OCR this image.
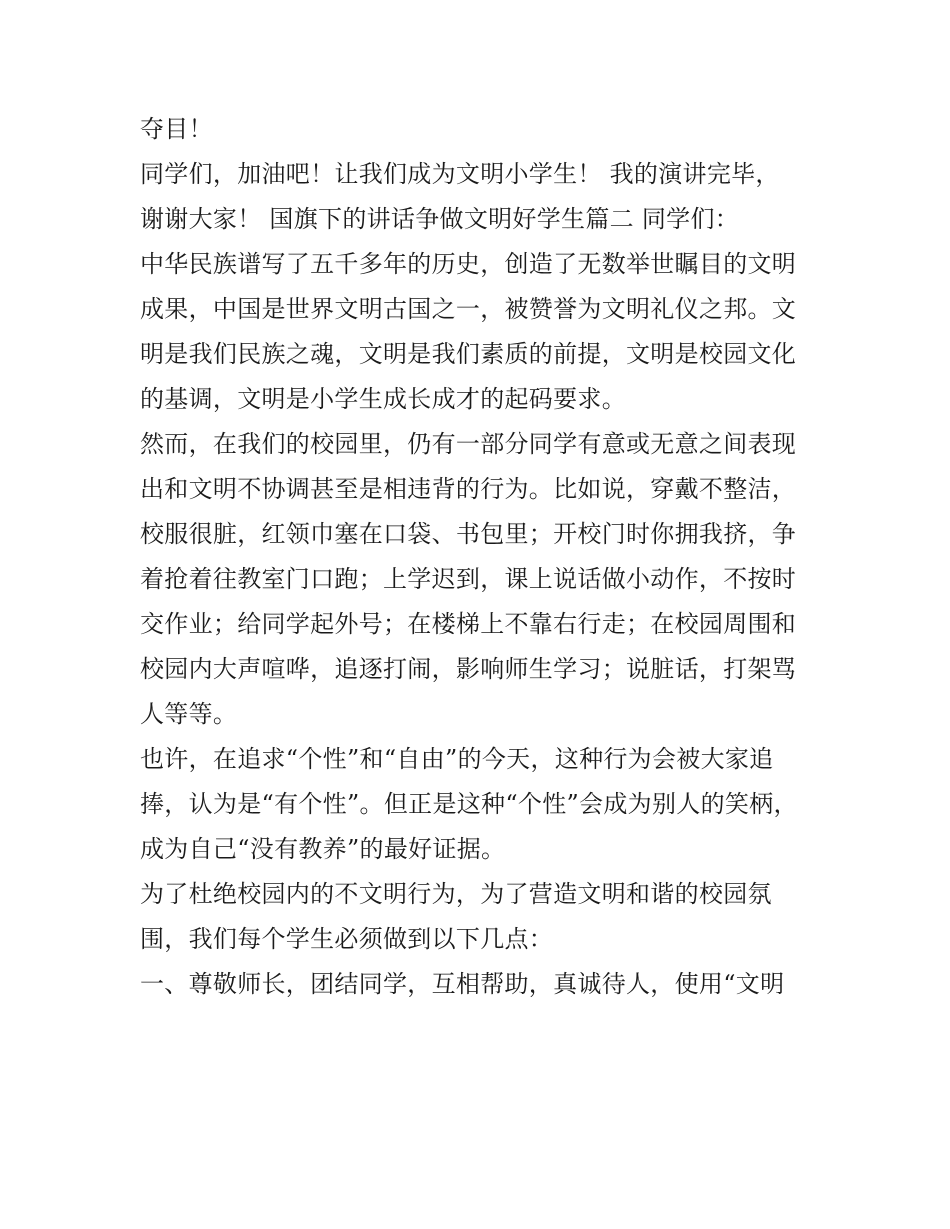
夺目！
同学们，加油吧！让我们成为文明小学生！ 我的演讲完毕，
谢谢大家！ 国旗下的讲话争做文明好学生篇二 同学们：
中华民族谱写了五千多年的历史，创造了无数举世瞩目的文明
成果，中国是世界文明古国之一，被赞誉为文明礼仪之邦。文
明是我们民族之魂，文明是我们素质的前提，文明是校园文化
的基调，文明是小学生成长成才的起码要求。
然而，在我们的校园里，仍有一部分同学有意或无意之间表现
出和文明不协调甚至是相违背的行为。比如说，穿戴不整洁，
校服很脏，红领巾塞在口袋、书包里；开校门时你拥我挤，争
着抢着往教室门口跑；上学迟到，课上说话做小动作，不按时
交作业；给同学起外号；在楼梯上不靠右行走；在校园周围和
校园内大声喧哗，追逐打闹，影响师生学习；说脏话，打架骂
人等等。
也许，在追求“个性”和“自由”的今天，这种行为会被大家追
捧，认为是“有个性”。但正是这种“个性”会成为别人的笑柄，
成为自己“没有教养”的最好证据。
为了杜绝校园内的不文明行为，为了营造文明和谐的校园氛
围，我们每个学生必须做到以下几点：
一、尊敬师长，团结同学，互相帮助，真诚待人，使用“文明
